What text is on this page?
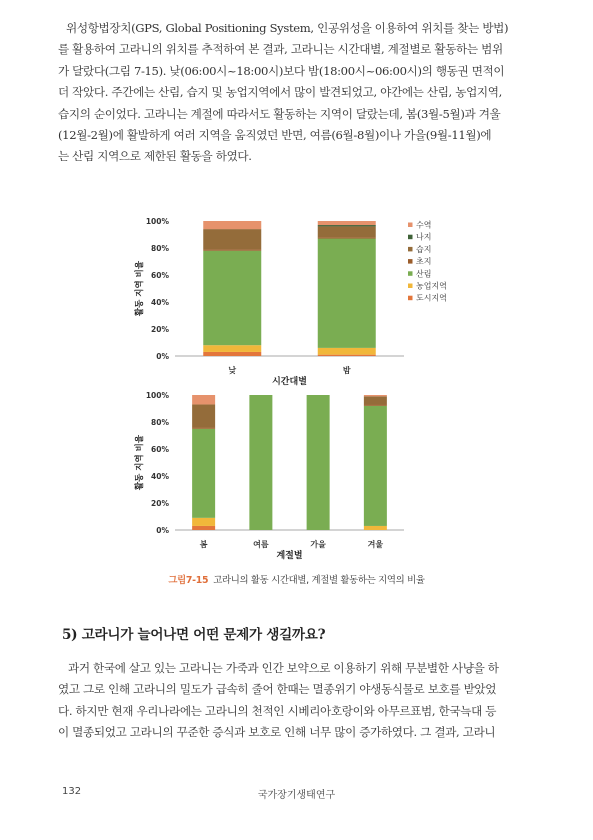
위성항법장치(GPS, Global Positioning System, 인공위성을 이용하여 위치를 찾는 방법)
를 활용하여 고라니의 위치를 추적하여 본 결과, 고라니는 시간대별, 계절별로 활동하는 범위
가 달랐다(그림 7-15). 낮(06:00시~18:00시)보다 밤(18:00시~06:00시)의 행동권 면적이
더 작았다. 주간에는 산림, 습지 및 농업지역에서 많이 발견되었고, 야간에는 산림, 농업지역,
습지의 순이었다. 고라니는 계절에 따라서도 활동하는 지역이 달랐는데, 봄(3월-5월)과 겨울
(12월-2월)에 활발하게 여러 지역을 움직였던 반면, 여름(6월-8월)이나 가을(9월-11월)에
는 산림 지역으로 제한된 활동을 하였다.

0%
20%
40%
60%
80%
100%
낮	밤
시간대별
활동 지역 비율
0%
20%
40%
60%
80%
100%
봄	여름	가을	겨울
계절별
활동 지역 비율
수역
나지
습지
초지
산림
농업지역
도시지역
그림7-15 고라니의 활동 시간대별, 계절별 활동하는 지역의 비율
5) 고라니가 늘어나면 어떤 문제가 생길까요?

과거 한국에 살고 있는 고라니는 가죽과 인간 보약으로 이용하기 위해 무분별한 사냥을 하
였고 그로 인해 고라니의 밀도가 급속히 줄어 한때는 멸종위기 야생동식물로 보호를 받았었
다. 하지만 현재 우리나라에는 고라니의 천적인 시베리아호랑이와 아무르표범, 한국늑대 등
이 멸종되었고 고라니의 꾸준한 증식과 보호로 인해 너무 많이 증가하였다. 그 결과, 고라니

132	국가장기생태연구
